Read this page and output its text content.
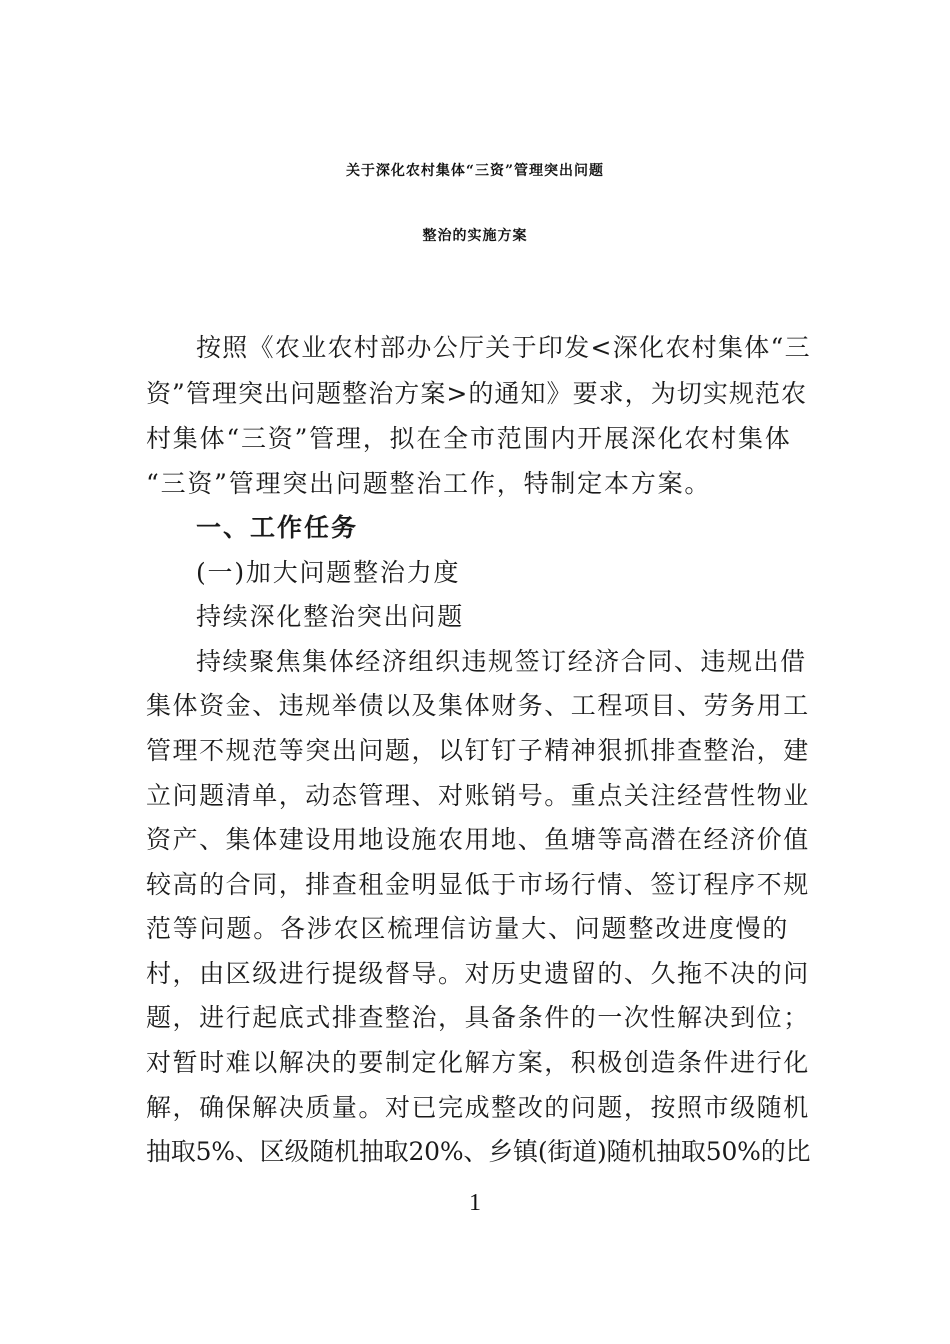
关于深化农村集体“三资”管理突出问题
整治的实施方案
按照《农业农村部办公厅关于印发<深化农村集体“三
资”管理突出问题整治方案>的通知》要求，为切实规范农
村集体“三资”管理，拟在全市范围内开展深化农村集体
“三资”管理突出问题整治工作，特制定本方案。
一、工作任务
(一)加大问题整治力度
持续深化整治突出问题
持续聚焦集体经济组织违规签订经济合同、违规出借
集体资金、违规举债以及集体财务、工程项目、劳务用工
管理不规范等突出问题，以钉钉子精神狠抓排查整治，建
立问题清单，动态管理、对账销号。重点关注经营性物业
资产、集体建设用地设施农用地、鱼塘等高潜在经济价值
较高的合同，排查租金明显低于市场行情、签订程序不规
范等问题。各涉农区梳理信访量大、问题整改进度慢的
村，由区级进行提级督导。对历史遗留的、久拖不决的问
题，进行起底式排查整治，具备条件的一次性解决到位；
对暂时难以解决的要制定化解方案，积极创造条件进行化
解，确保解决质量。对已完成整改的问题，按照市级随机
抽取5%、区级随机抽取20%、乡镇(街道)随机抽取50%的比
1
